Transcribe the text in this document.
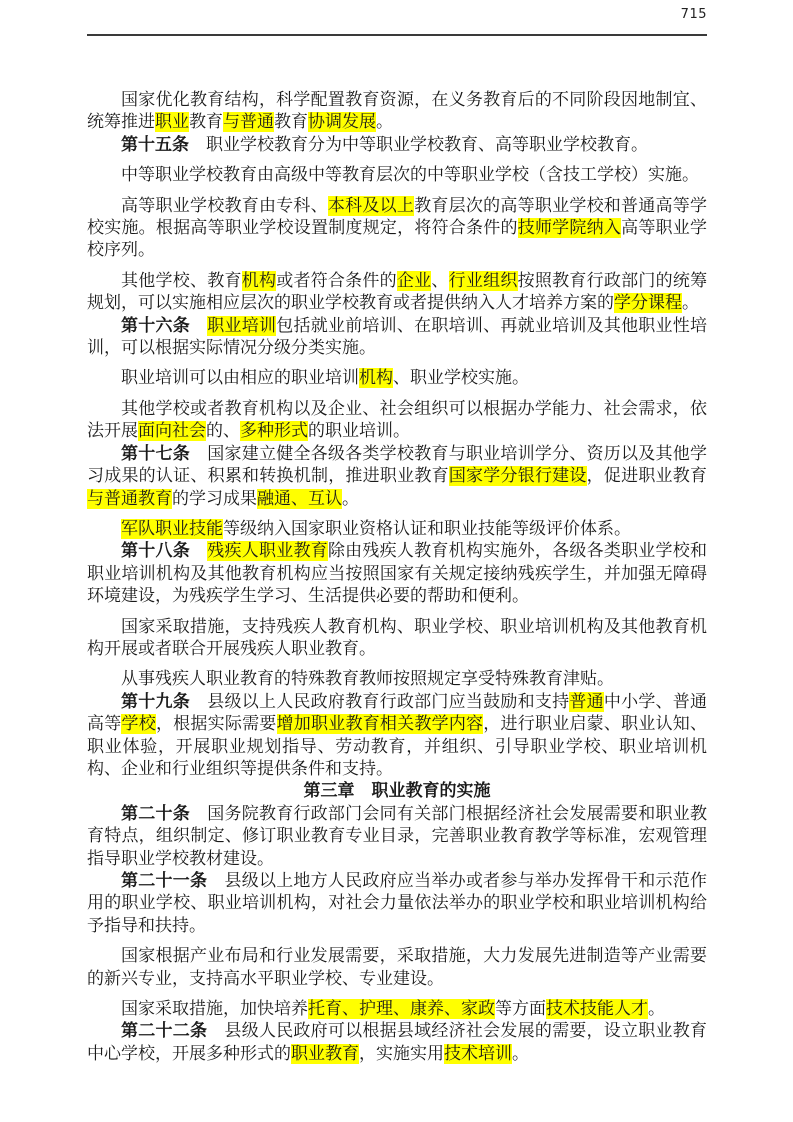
715

国家优化教育结构，科学配置教育资源，在义务教育后的不同阶段因地制宜、统筹推进职业教育与普通教育协调发展。

第十五条　职业学校教育分为中等职业学校教育、高等职业学校教育。

中等职业学校教育由高级中等教育层次的中等职业学校（含技工学校）实施。

高等职业学校教育由专科、本科及以上教育层次的高等职业学校和普通高等学校实施。根据高等职业学校设置制度规定，将符合条件的技师学院纳入高等职业学校序列。

其他学校、教育机构或者符合条件的企业、行业组织按照教育行政部门的统筹规划，可以实施相应层次的职业学校教育或者提供纳入人才培养方案的学分课程。

第十六条　 职业培训包括就业前培训、在职培训、再就业培训及其他职业性培训，可以根据实际情况分级分类实施。

职业培训可以由相应的职业培训机构、职业学校实施。

其他学校或者教育机构以及企业、社会组织可以根据办学能力、社会需求，依法开展面向社会的、多种形式的职业培训。

第十七条　国家建立健全各级各类学校教育与职业培训学分、资历以及其他学习成果的认证、积累和转换机制，推进职业教育国家学分银行建设，促进职业教育与普通教育的学习成果融通、互认。

军队职业技能等级纳入国家职业资格认证和职业技能等级评价体系。

第十八条　 残疾人职业教育除由残疾人教育机构实施外，各级各类职业学校和职业培训机构及其他教育机构应当按照国家有关规定接纳残疾学生，并加强无障碍环境建设，为残疾学生学习、生活提供必要的帮助和便利。

国家采取措施，支持残疾人教育机构、职业学校、职业培训机构及其他教育机构开展或者联合开展残疾人职业教育。

从事残疾人职业教育的特殊教育教师按照规定享受特殊教育津贴。

第十九条　县级以上人民政府教育行政部门应当鼓励和支持普通中小学、普通高等学校，根据实际需要增加职业教育相关教学内容，进行职业启蒙、职业认知、职业体验，开展职业规划指导、劳动教育，并组织、引导职业学校、职业培训机构、企业和行业组织等提供条件和支持。

第三章　职业教育的实施

第二十条　国务院教育行政部门会同有关部门根据经济社会发展需要和职业教育特点，组织制定、修订职业教育专业目录，完善职业教育教学等标准，宏观管理指导职业学校教材建设。

第二十一条　县级以上地方人民政府应当举办或者参与举办发挥骨干和示范作用的职业学校、职业培训机构，对社会力量依法举办的职业学校和职业培训机构给予指导和扶持。

国家根据产业布局和行业发展需要，采取措施，大力发展先进制造等产业需要的新兴专业，支持高水平职业学校、专业建设。

国家采取措施，加快培养托育、护理、康养、家政等方面技术技能人才。

第二十二条　县级人民政府可以根据县域经济社会发展的需要，设立职业教育中心学校，开展多种形式的职业教育，实施实用技术培训。
